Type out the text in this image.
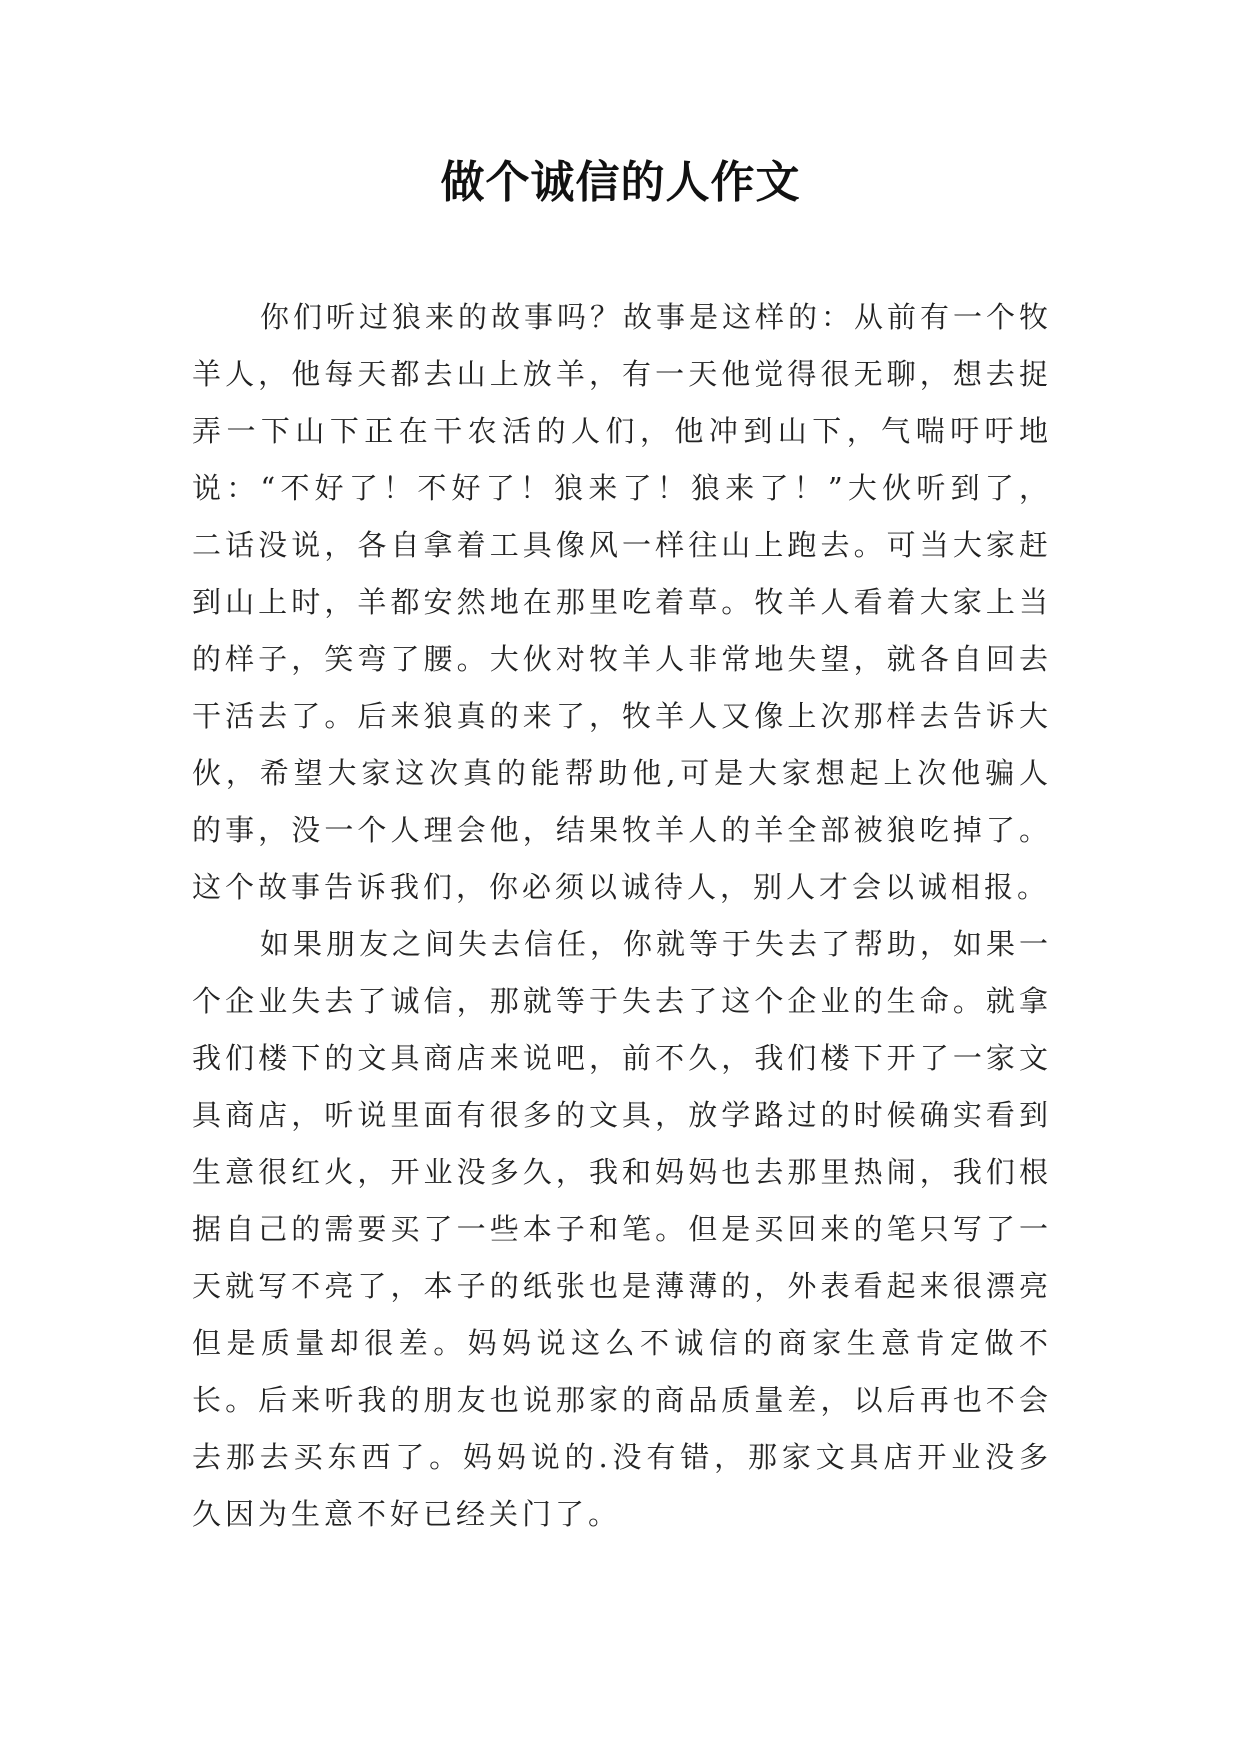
做个诚信的人作文

你们听过狼来的故事吗？故事是这样的：从前有一个牧羊人，他每天都去山上放羊，有一天他觉得很无聊，想去捉弄一下山下正在干农活的人们，他冲到山下，气喘吁吁地说：“不好了！不好了！狼来了！狼来了！”大伙听到了，二话没说，各自拿着工具像风一样往山上跑去。可当大家赶到山上时，羊都安然地在那里吃着草。牧羊人看着大家上当的样子，笑弯了腰。大伙对牧羊人非常地失望，就各自回去干活去了。后来狼真的来了，牧羊人又像上次那样去告诉大伙，希望大家这次真的能帮助他,可是大家想起上次他骗人的事，没一个人理会他，结果牧羊人的羊全部被狼吃掉了。这个故事告诉我们，你必须以诚待人，别人才会以诚相报。

如果朋友之间失去信任，你就等于失去了帮助，如果一个企业失去了诚信，那就等于失去了这个企业的生命。就拿我们楼下的文具商店来说吧，前不久，我们楼下开了一家文具商店，听说里面有很多的文具，放学路过的时候确实看到生意很红火，开业没多久，我和妈妈也去那里热闹，我们根据自己的需要买了一些本子和笔。但是买回来的笔只写了一天就写不亮了，本子的纸张也是薄薄的，外表看起来很漂亮但是质量却很差。妈妈说这么不诚信的商家生意肯定做不长。后来听我的朋友也说那家的商品质量差，以后再也不会去那去买东西了。妈妈说的.没有错，那家文具店开业没多久因为生意不好已经关门了。
